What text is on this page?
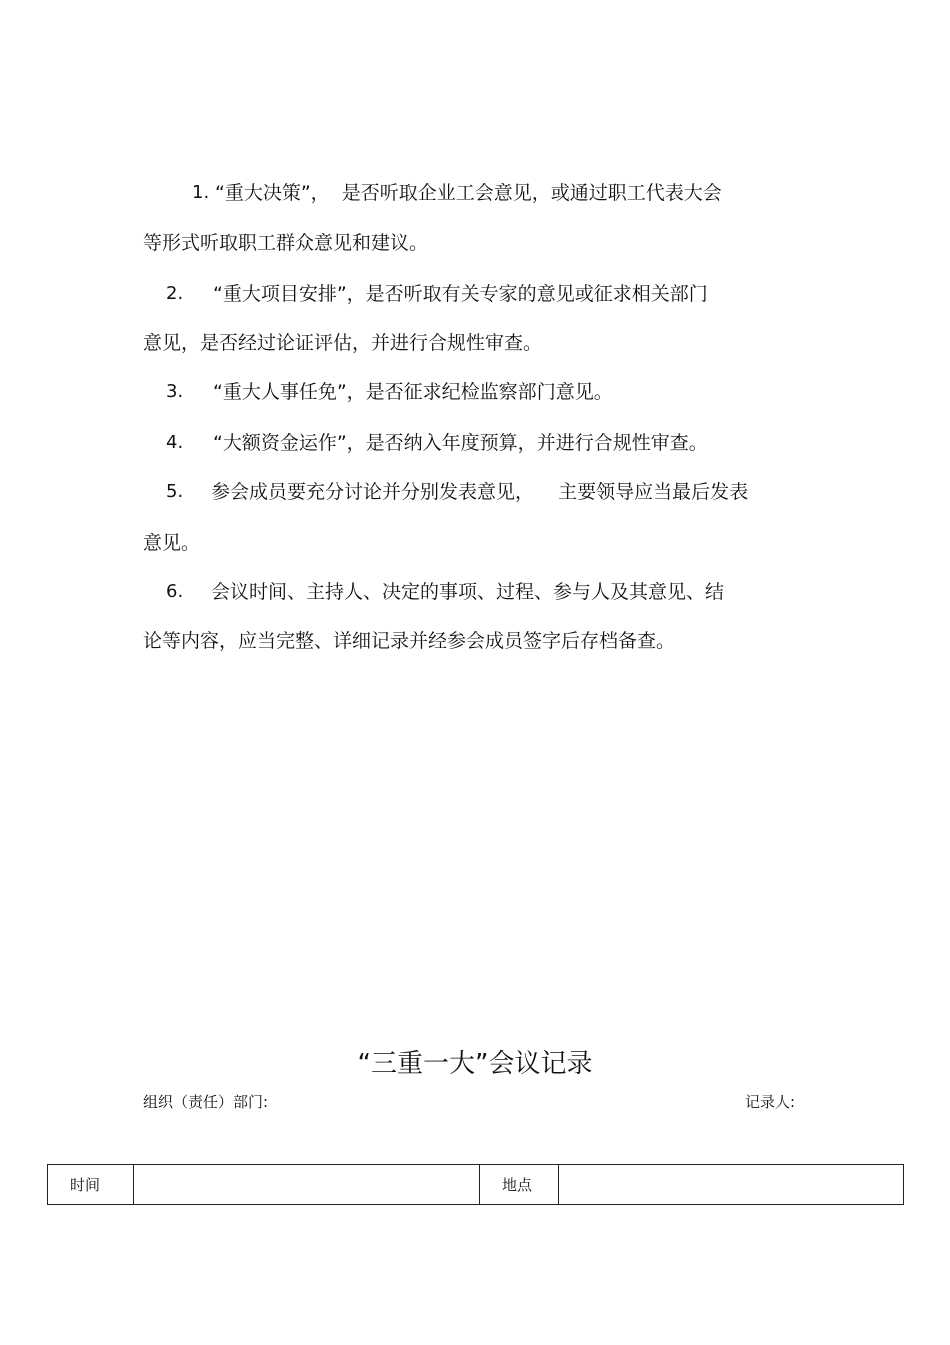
1. “重大决策”，  是否听取企业工会意见，或通过职工代表大会
等形式听取职工群众意见和建议。
2. “重大项目安排”，是否听取有关专家的意见或征求相关部门
意见，是否经过论证评估，并进行合规性审查。
3. “重大人事任免”，是否征求纪检监察部门意见。
4. “大额资金运作”，是否纳入年度预算，并进行合规性审查。
5. 参会成员要充分讨论并分别发表意见，    主要领导应当最后发表
意见。
6. 会议时间、主持人、决定的事项、过程、参与人及其意见、结
论等内容，应当完整、详细记录并经参会成员签字后存档备查。
“三重一大”会议记录
组织（责任）部门:	记录人:
时间		地点	
